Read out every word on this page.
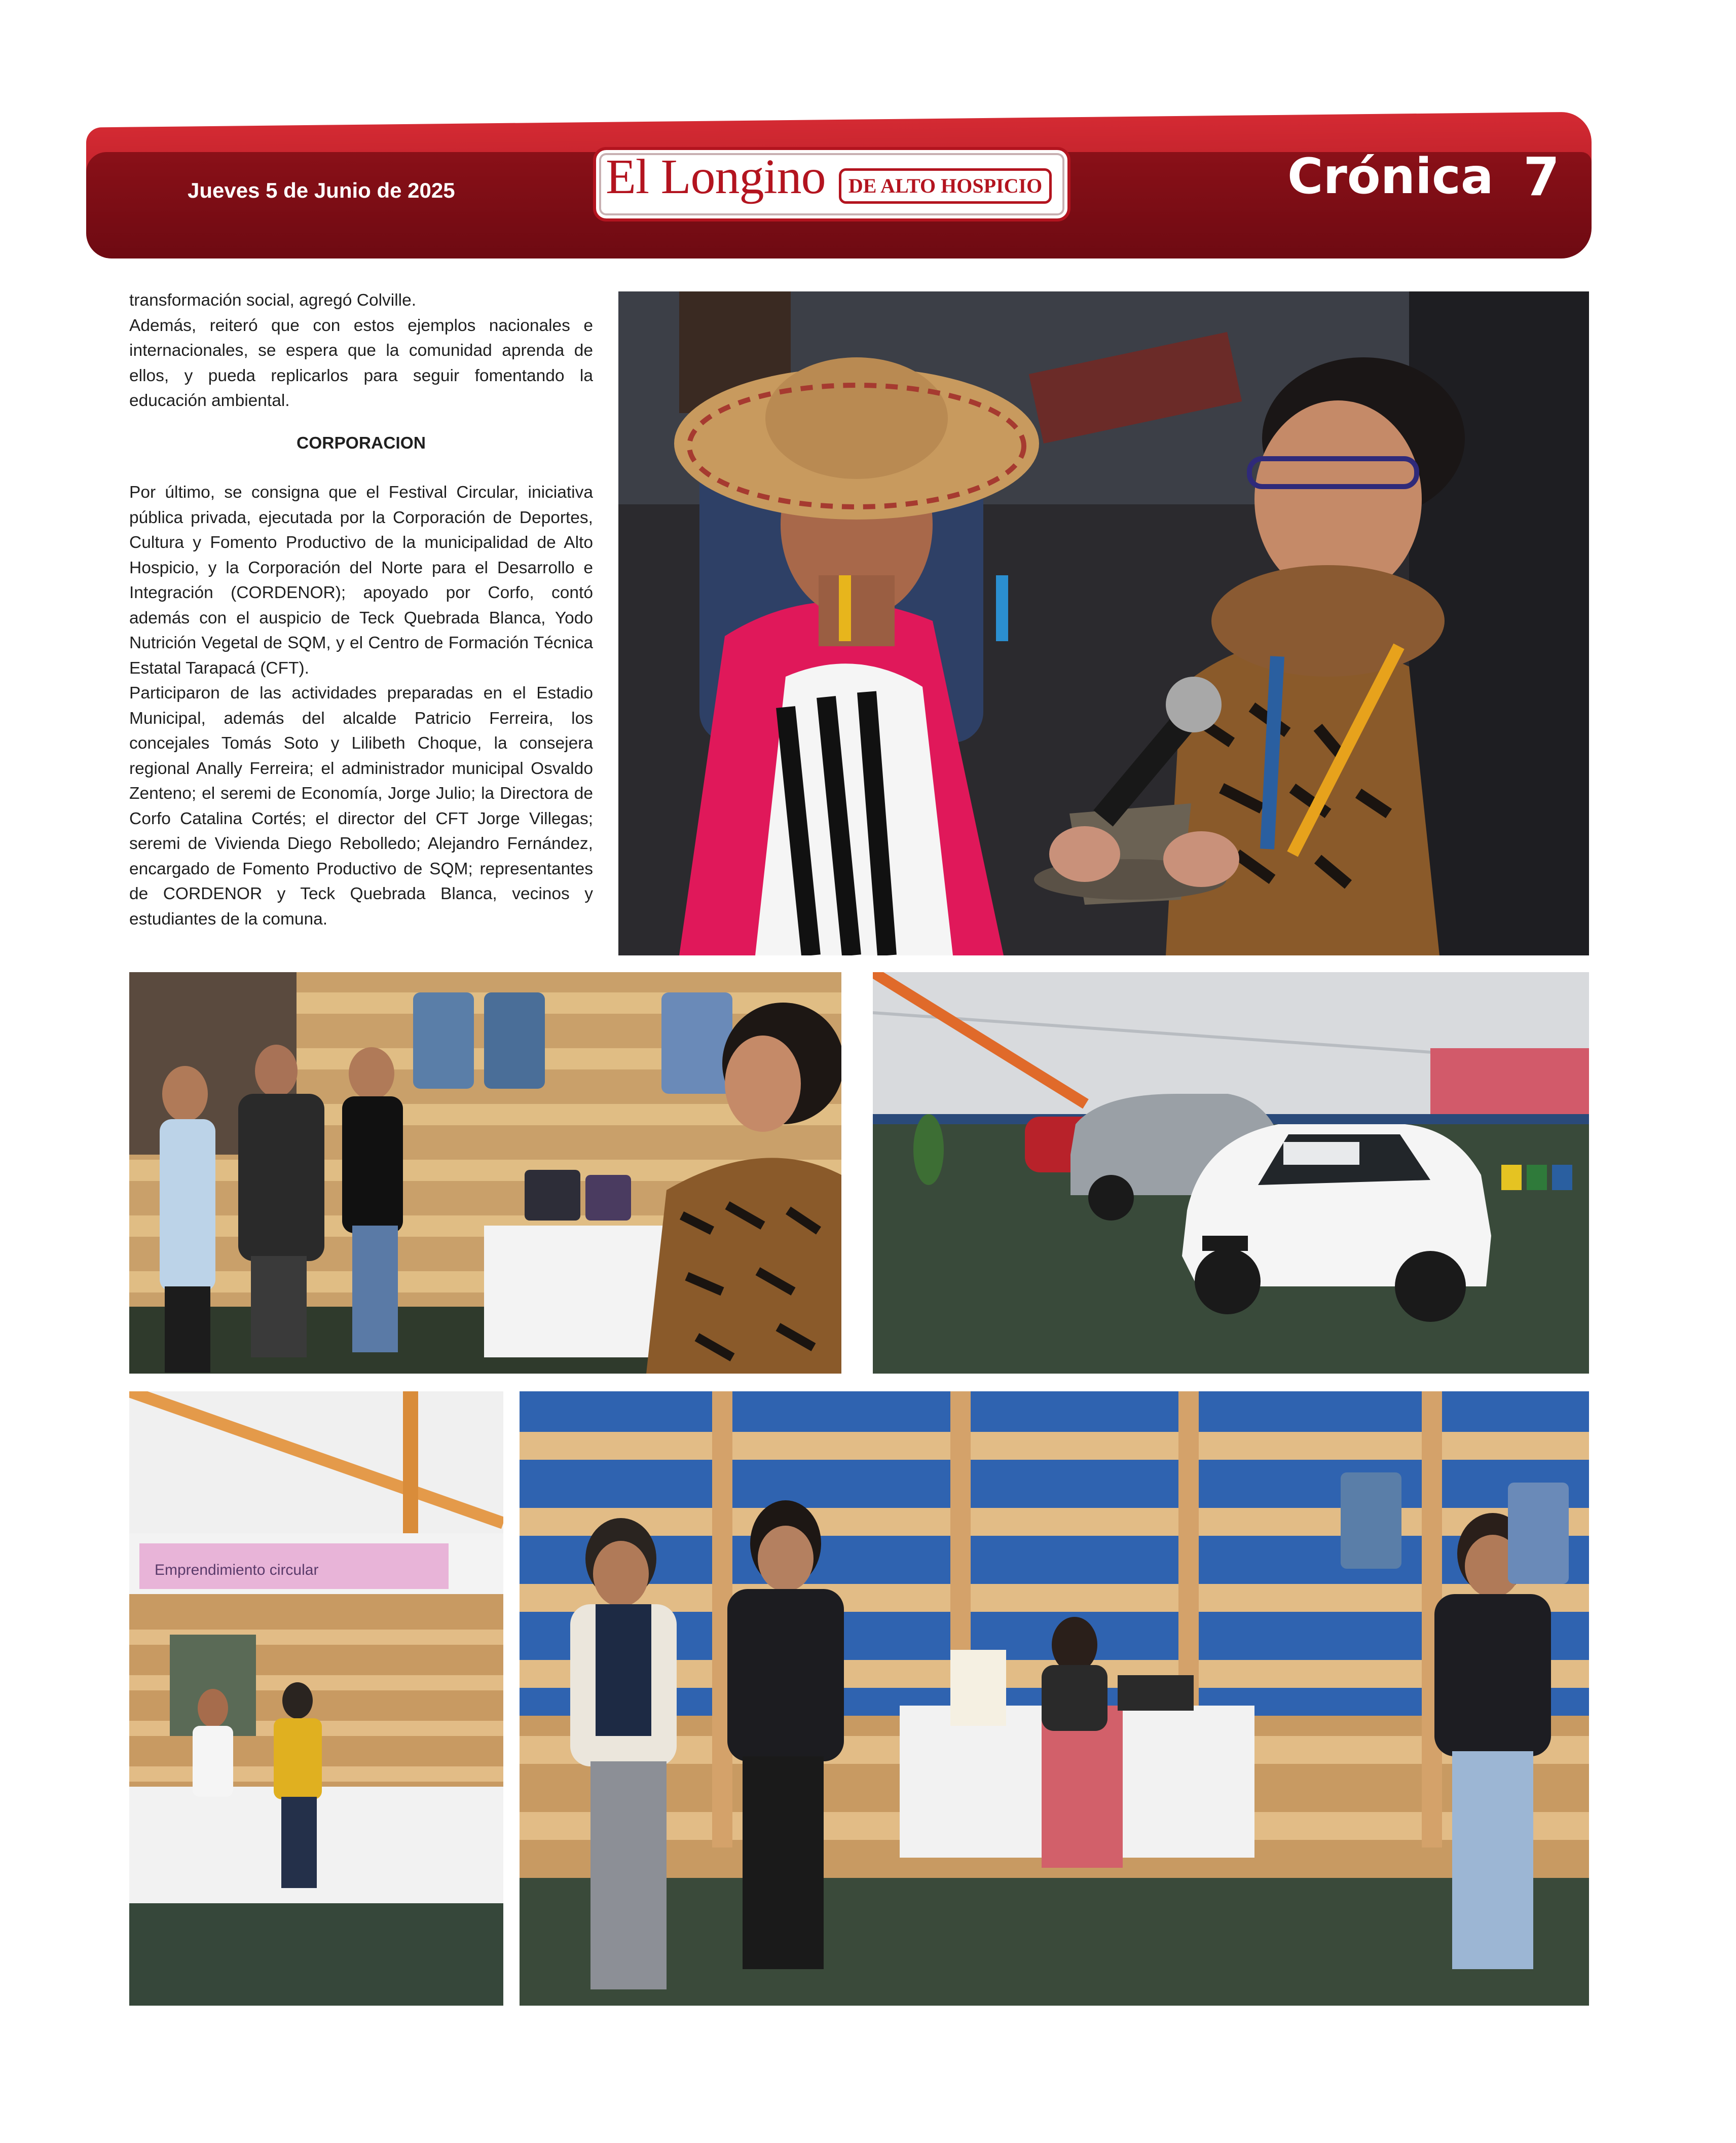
Jueves 5 de Junio de 2025	El Longino	DE ALTO HOSPICIO	Crónica 7

transformación social, agregó Colville.

Además, reiteró que con estos ejemplos nacionales e internacionales, se espera que la comunidad aprenda de ellos, y pueda replicarlos para seguir fomentando la educación ambiental.

CORPORACION

Por último, se consigna que el Festival Circular, iniciativa pública privada, ejecutada por la Corporación de Deportes, Cultura y Fomento Productivo de la municipalidad de Alto Hospicio, y la Corporación del Norte para el Desarrollo e Integración (CORDENOR); apoyado por Corfo, contó además con el auspicio de Teck Quebrada Blanca, Yodo Nutrición Vegetal de SQM, y el Centro de Formación Técnica Estatal Tarapacá (CFT).

Participaron de las actividades preparadas en el Estadio Municipal, además del alcalde Patricio Ferreira, los concejales Tomás Soto y Lilibeth Choque, la consejera regional Anally Ferreira; el administrador municipal Osvaldo Zenteno; el seremi de Economía, Jorge Julio; la Directora de Corfo Catalina Cortés; el director del CFT Jorge Villegas; seremi de Vivienda Diego Rebolledo; Alejandro Fernández, encargado de Fomento Productivo de SQM; representantes de CORDENOR y Teck Quebrada Blanca, vecinos y estudiantes de la comuna.

Emprendimiento circular
